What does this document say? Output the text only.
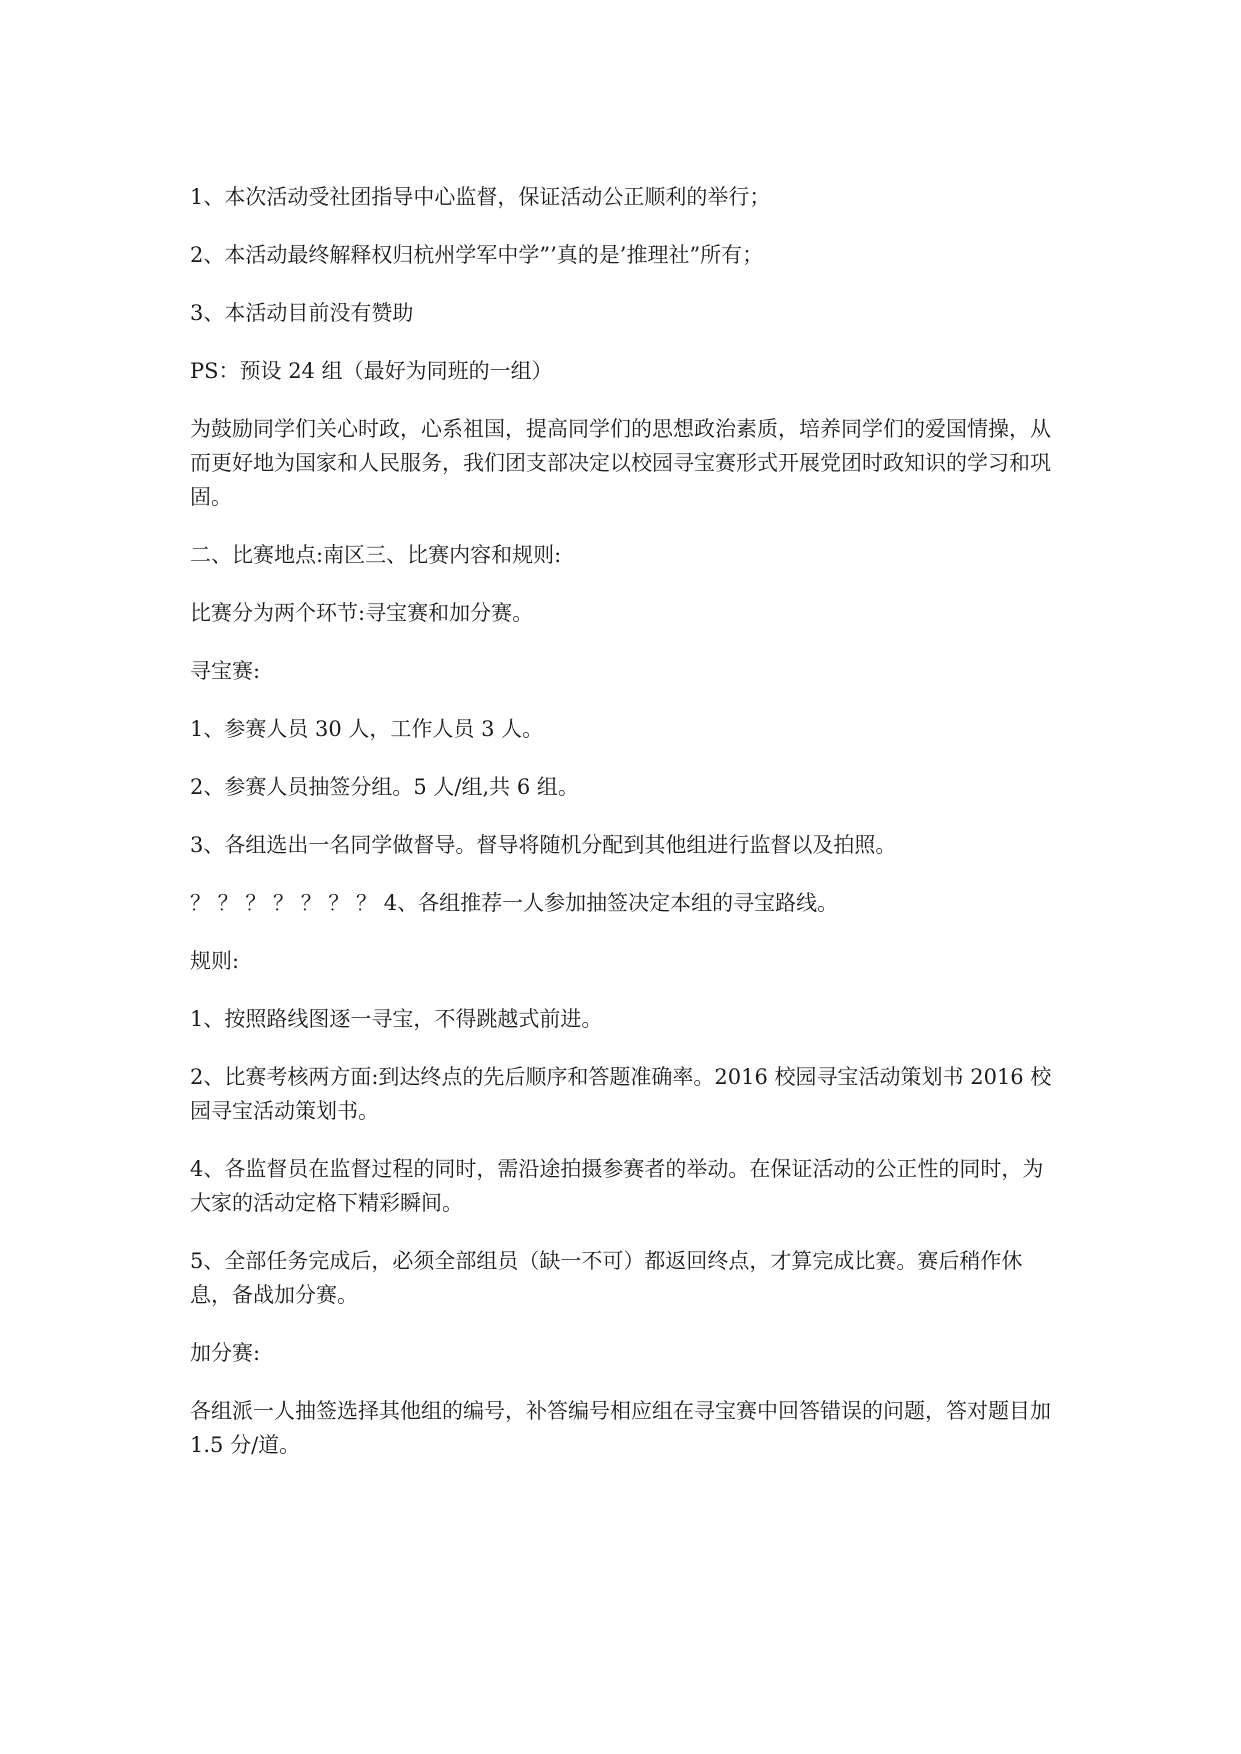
1、本次活动受社团指导中心监督，保证活动公正顺利的举行；

2、本活动最终解释权归杭州学军中学”’真的是’推理社”所有；

3、本活动目前没有赞助

PS：预设 24 组（最好为同班的一组）

为鼓励同学们关心时政，心系祖国，提高同学们的思想政治素质，培养同学们的爱国情操，从而更好地为国家和人民服务，我们团支部决定以校园寻宝赛形式开展党团时政知识的学习和巩固。

二、比赛地点:南区三、比赛内容和规则:

比赛分为两个环节:寻宝赛和加分赛。

寻宝赛:

1、参赛人员 30 人，工作人员 3 人。

2、参赛人员抽签分组。5 人/组,共 6 组。

3、各组选出一名同学做督导。督导将随机分配到其他组进行监督以及拍照。

？ ？ ？ ？ ？ ？ ？ 4、各组推荐一人参加抽签决定本组的寻宝路线。

规则:

1、按照路线图逐一寻宝，不得跳越式前进。

2、比赛考核两方面:到达终点的先后顺序和答题准确率。2016 校园寻宝活动策划书 2016 校园寻宝活动策划书。

4、各监督员在监督过程的同时，需沿途拍摄参赛者的举动。在保证活动的公正性的同时，为大家的活动定格下精彩瞬间。

5、全部任务完成后，必须全部组员（缺一不可）都返回终点，才算完成比赛。赛后稍作休息，备战加分赛。

加分赛:

各组派一人抽签选择其他组的编号，补答编号相应组在寻宝赛中回答错误的问题，答对题目加 1.5 分/道。
